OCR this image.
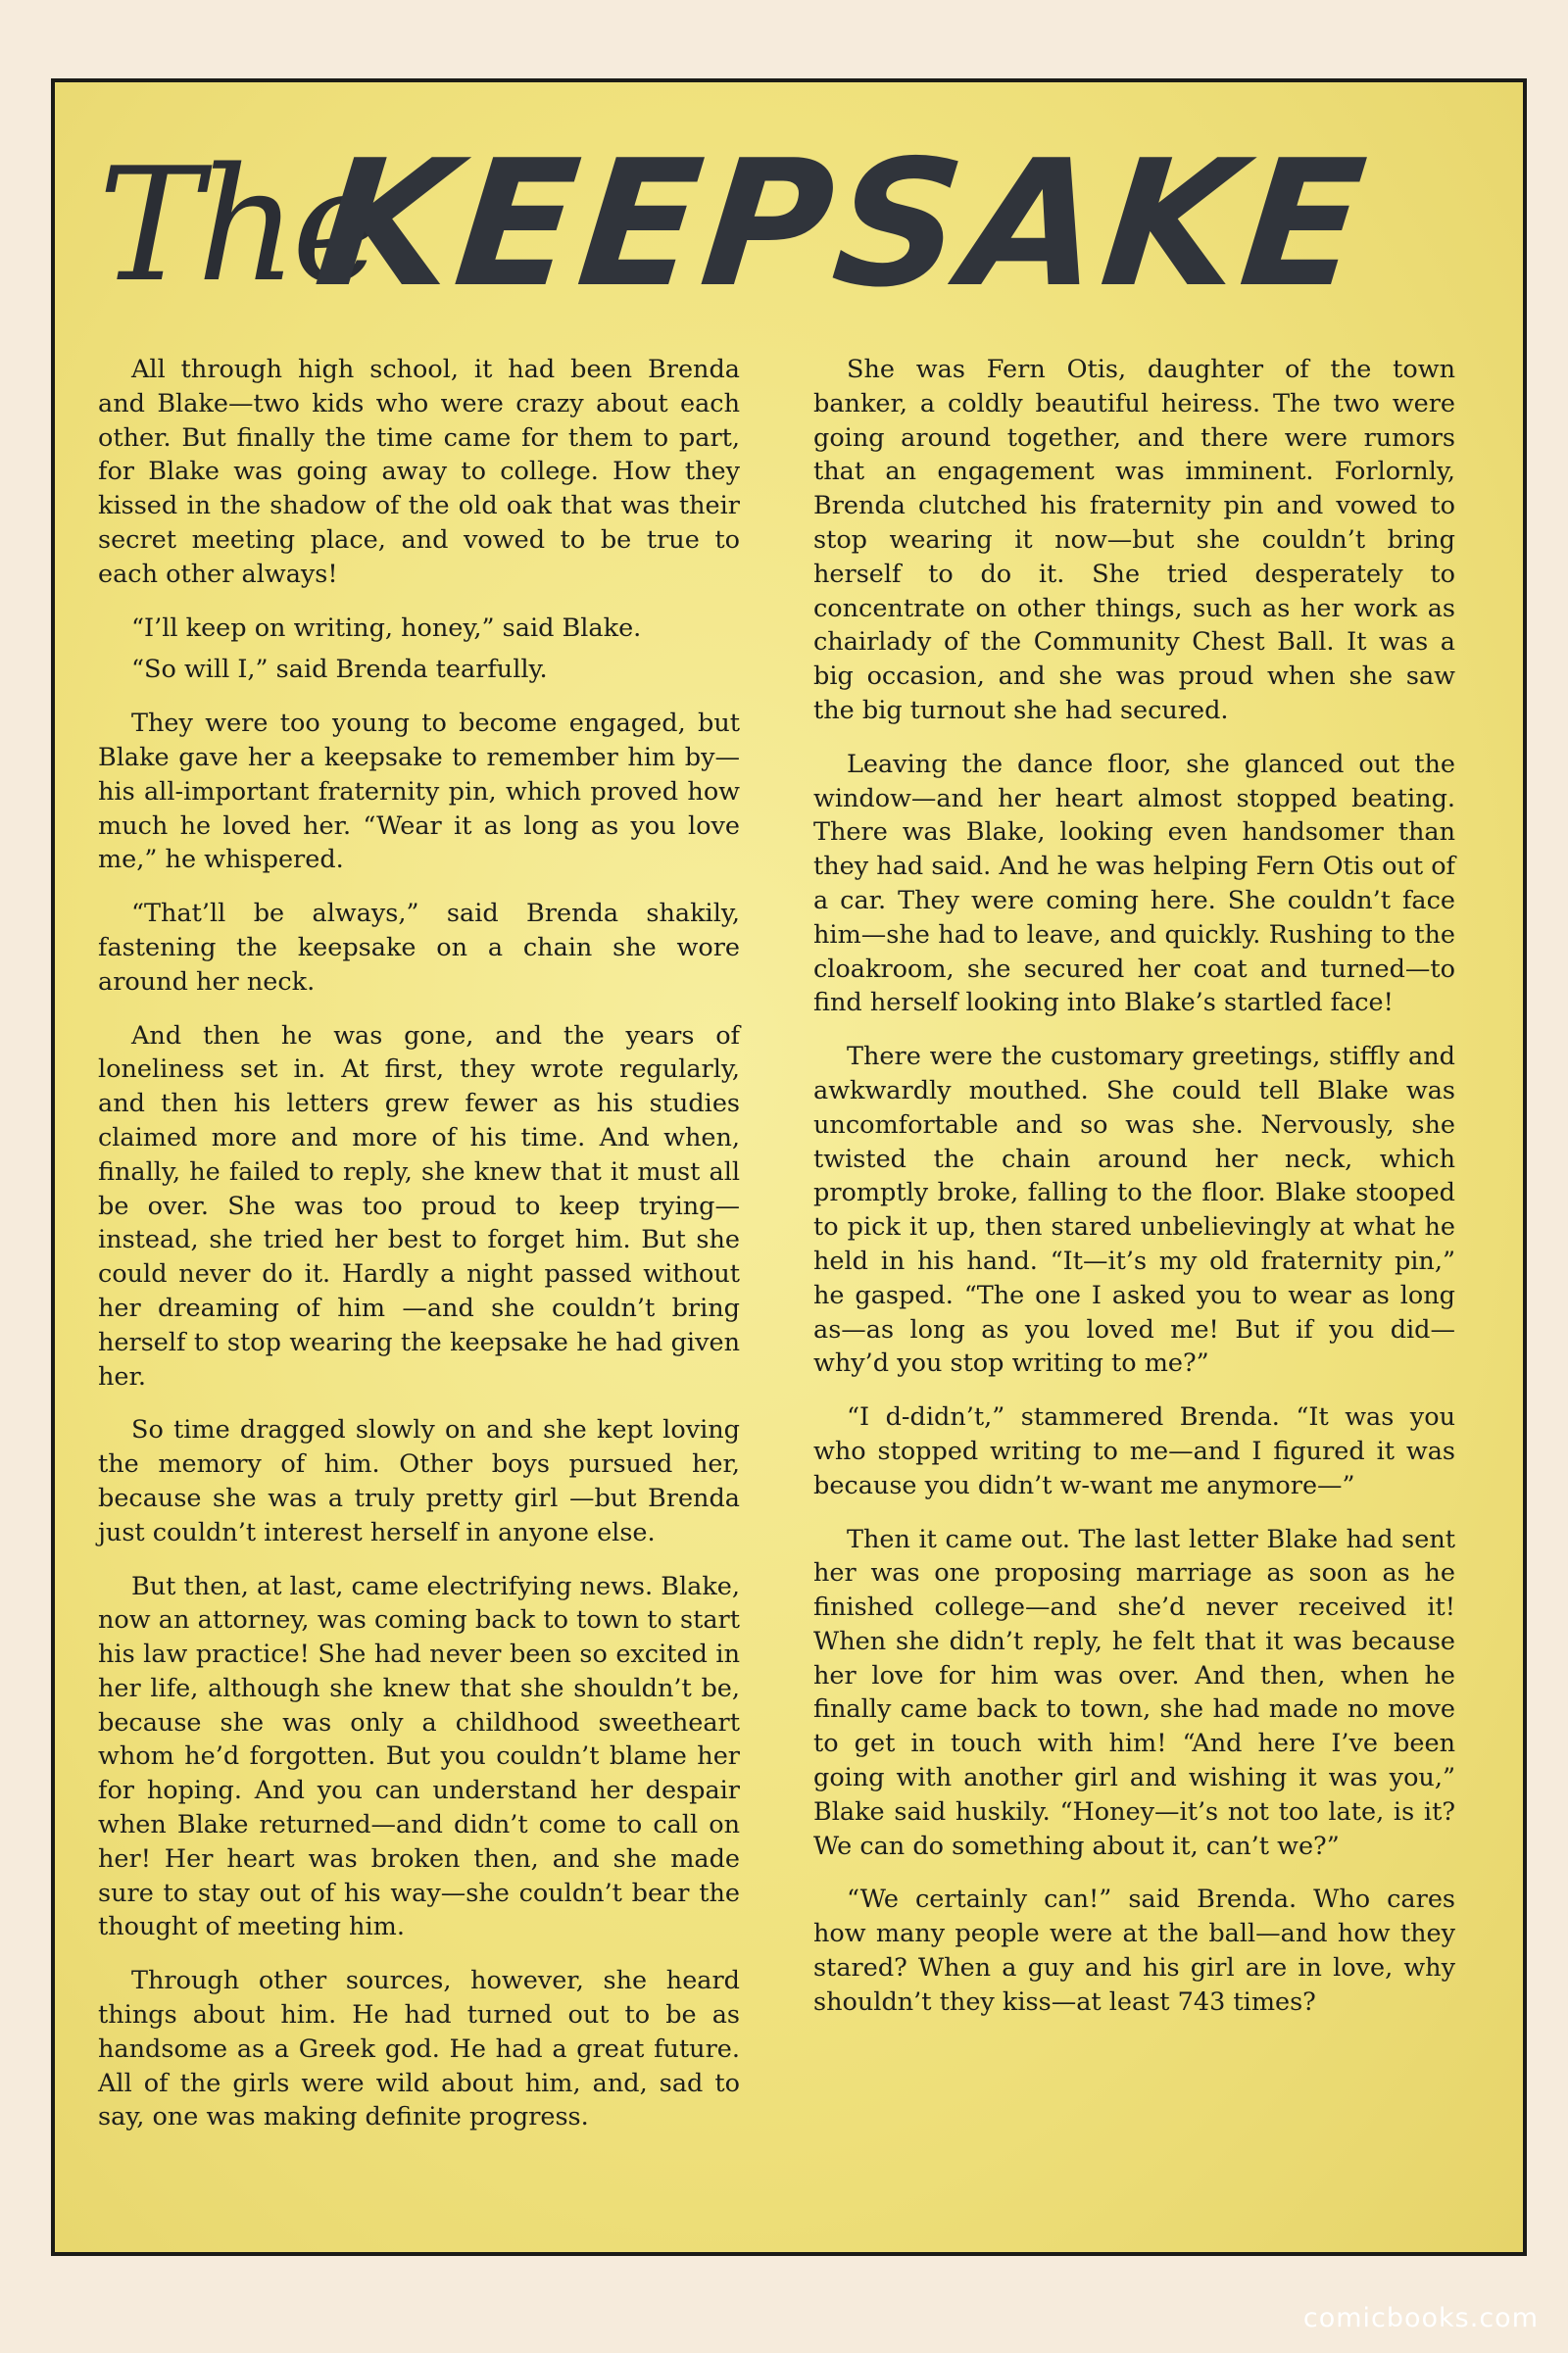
The
KEEPSAKE

All through high school, it had been Brenda and Blake—two kids who were crazy about each other. But finally the time came for them to part, for Blake was going away to college. How they kissed in the shadow of the old oak that was their secret meeting place, and vowed to be true to each other always!

“I’ll keep on writing, honey,” said Blake.

“So will I,” said Brenda tearfully.

They were too young to become engaged, but Blake gave her a keepsake to remember him by—his all-important fraternity pin, which proved how much he loved her. “Wear it as long as you love me,” he whispered.

“That’ll be always,” said Brenda shakily, fastening the keepsake on a chain she wore around her neck.

And then he was gone, and the years of loneliness set in. At first, they wrote regularly, and then his letters grew fewer as his studies claimed more and more of his time. And when, finally, he failed to reply, she knew that it must all be over. She was too proud to keep trying—instead, she tried her best to forget him. But she could never do it. Hardly a night passed without her dreaming of him —and she couldn’t bring herself to stop wearing the keepsake he had given her.

So time dragged slowly on and she kept loving the memory of him. Other boys pursued her, because she was a truly pretty girl —but Brenda just couldn’t interest herself in anyone else.

But then, at last, came electrifying news. Blake, now an attorney, was coming back to town to start his law practice! She had never been so excited in her life, although she knew that she shouldn’t be, because she was only a childhood sweetheart whom he’d forgotten. But you couldn’t blame her for hoping. And you can understand her despair when Blake returned—and didn’t come to call on her! Her heart was broken then, and she made sure to stay out of his way—she couldn’t bear the thought of meeting him.

Through other sources, however, she heard things about him. He had turned out to be as handsome as a Greek god. He had a great future. All of the girls were wild about him, and, sad to say, one was making definite progress.

She was Fern Otis, daughter of the town banker, a coldly beautiful heiress. The two were going around together, and there were rumors that an engagement was imminent. Forlornly, Brenda clutched his fraternity pin and vowed to stop wearing it now—but she couldn’t bring herself to do it. She tried desperately to concentrate on other things, such as her work as chairlady of the Community Chest Ball. It was a big occasion, and she was proud when she saw the big turnout she had secured.

Leaving the dance floor, she glanced out the window—and her heart almost stopped beating. There was Blake, looking even handsomer than they had said. And he was helping Fern Otis out of a car. They were coming here. She couldn’t face him—she had to leave, and quickly. Rushing to the cloakroom, she secured her coat and turned—to find herself looking into Blake’s startled face!

There were the customary greetings, stiffly and awkwardly mouthed. She could tell Blake was uncomfortable and so was she. Nervously, she twisted the chain around her neck, which promptly broke, falling to the floor. Blake stooped to pick it up, then stared unbelievingly at what he held in his hand. “It—it’s my old fraternity pin,” he gasped. “The one I asked you to wear as long as—as long as you loved me! But if you did—why’d you stop writing to me?”

“I d-didn’t,” stammered Brenda. “It was you who stopped writing to me—and I figured it was because you didn’t w-want me anymore—”

Then it came out. The last letter Blake had sent her was one proposing marriage as soon as he finished college—and she’d never received it! When she didn’t reply, he felt that it was because her love for him was over. And then, when he finally came back to town, she had made no move to get in touch with him! “And here I’ve been going with another girl and wishing it was you,” Blake said huskily. “Honey—it’s not too late, is it? We can do something about it, can’t we?”

“We certainly can!” said Brenda. Who cares how many people were at the ball—and how they stared? When a guy and his girl are in love, why shouldn’t they kiss—at least 743 times?

comicbooks.com
